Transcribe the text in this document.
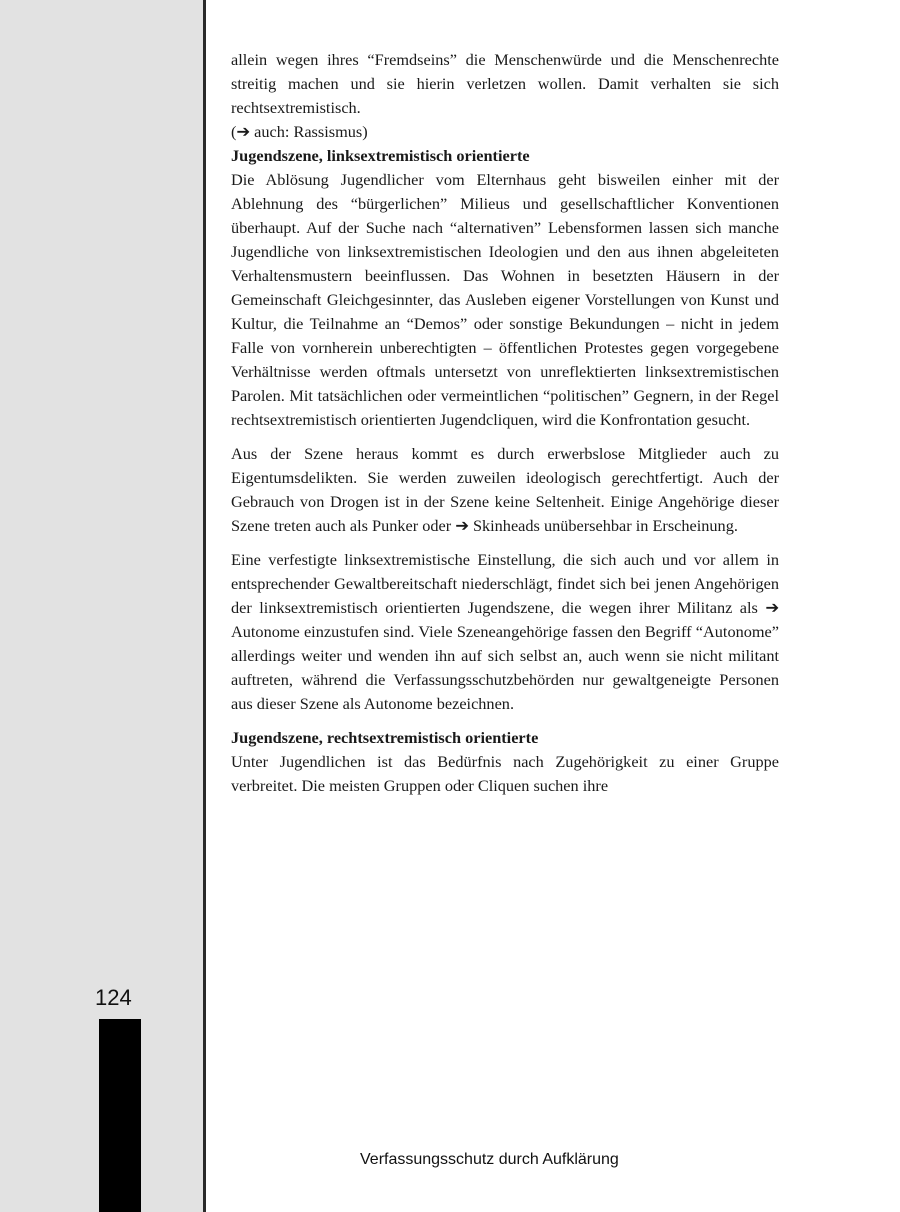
124

allein wegen ihres “Fremdseins” die Menschenwürde und die Menschenrechte streitig machen und sie hierin verletzen wollen. Damit verhalten sie sich rechtsextremistisch.

(➔ auch: Rassismus)

Jugendszene, linksextremistisch orientierte

Die Ablösung Jugendlicher vom Elternhaus geht bisweilen einher mit der Ablehnung des “bürgerlichen” Milieus und gesellschaftlicher Konventionen überhaupt. Auf der Suche nach “alternativen” Lebensformen lassen sich manche Jugendliche von linksextremistischen Ideologien und den aus ihnen abgeleiteten Verhaltensmustern beeinflussen. Das Wohnen in besetzten Häusern in der Gemeinschaft Gleichgesinnter, das Ausleben eigener Vorstellungen von Kunst und Kultur, die Teilnahme an “Demos” oder sonstige Bekundungen – nicht in jedem Falle von vornherein unberechtigten – öffentlichen Protestes gegen vorgegebene Verhältnisse werden oftmals untersetzt von unreflektierten linksextremistischen Parolen. Mit tatsächlichen oder vermeintlichen “politischen” Gegnern, in der Regel rechtsextremistisch orientierten Jugendcliquen, wird die Konfrontation gesucht.

Aus der Szene heraus kommt es durch erwerbslose Mitglieder auch zu Eigentumsdelikten. Sie werden zuweilen ideologisch gerechtfertigt. Auch der Gebrauch von Drogen ist in der Szene keine Seltenheit. Einige Angehörige dieser Szene treten auch als Punker oder ➔ Skinheads unübersehbar in Erscheinung.

Eine verfestigte linksextremistische Einstellung, die sich auch und vor allem in entsprechender Gewaltbereitschaft niederschlägt, findet sich bei jenen Angehörigen der linksextremistisch orientierten Jugendszene, die wegen ihrer Militanz als ➔ Autonome einzustufen sind. Viele Szeneangehörige fassen den Begriff “Autonome” allerdings weiter und wenden ihn auf sich selbst an, auch wenn sie nicht militant auftreten, während die Verfassungsschutzbehörden nur gewaltgeneigte Personen aus dieser Szene als Autonome bezeichnen.

Jugendszene, rechtsextremistisch orientierte

Unter Jugendlichen ist das Bedürfnis nach Zugehörigkeit zu einer Gruppe verbreitet. Die meisten Gruppen oder Cliquen suchen ihre

Verfassungsschutz durch Aufklärung
